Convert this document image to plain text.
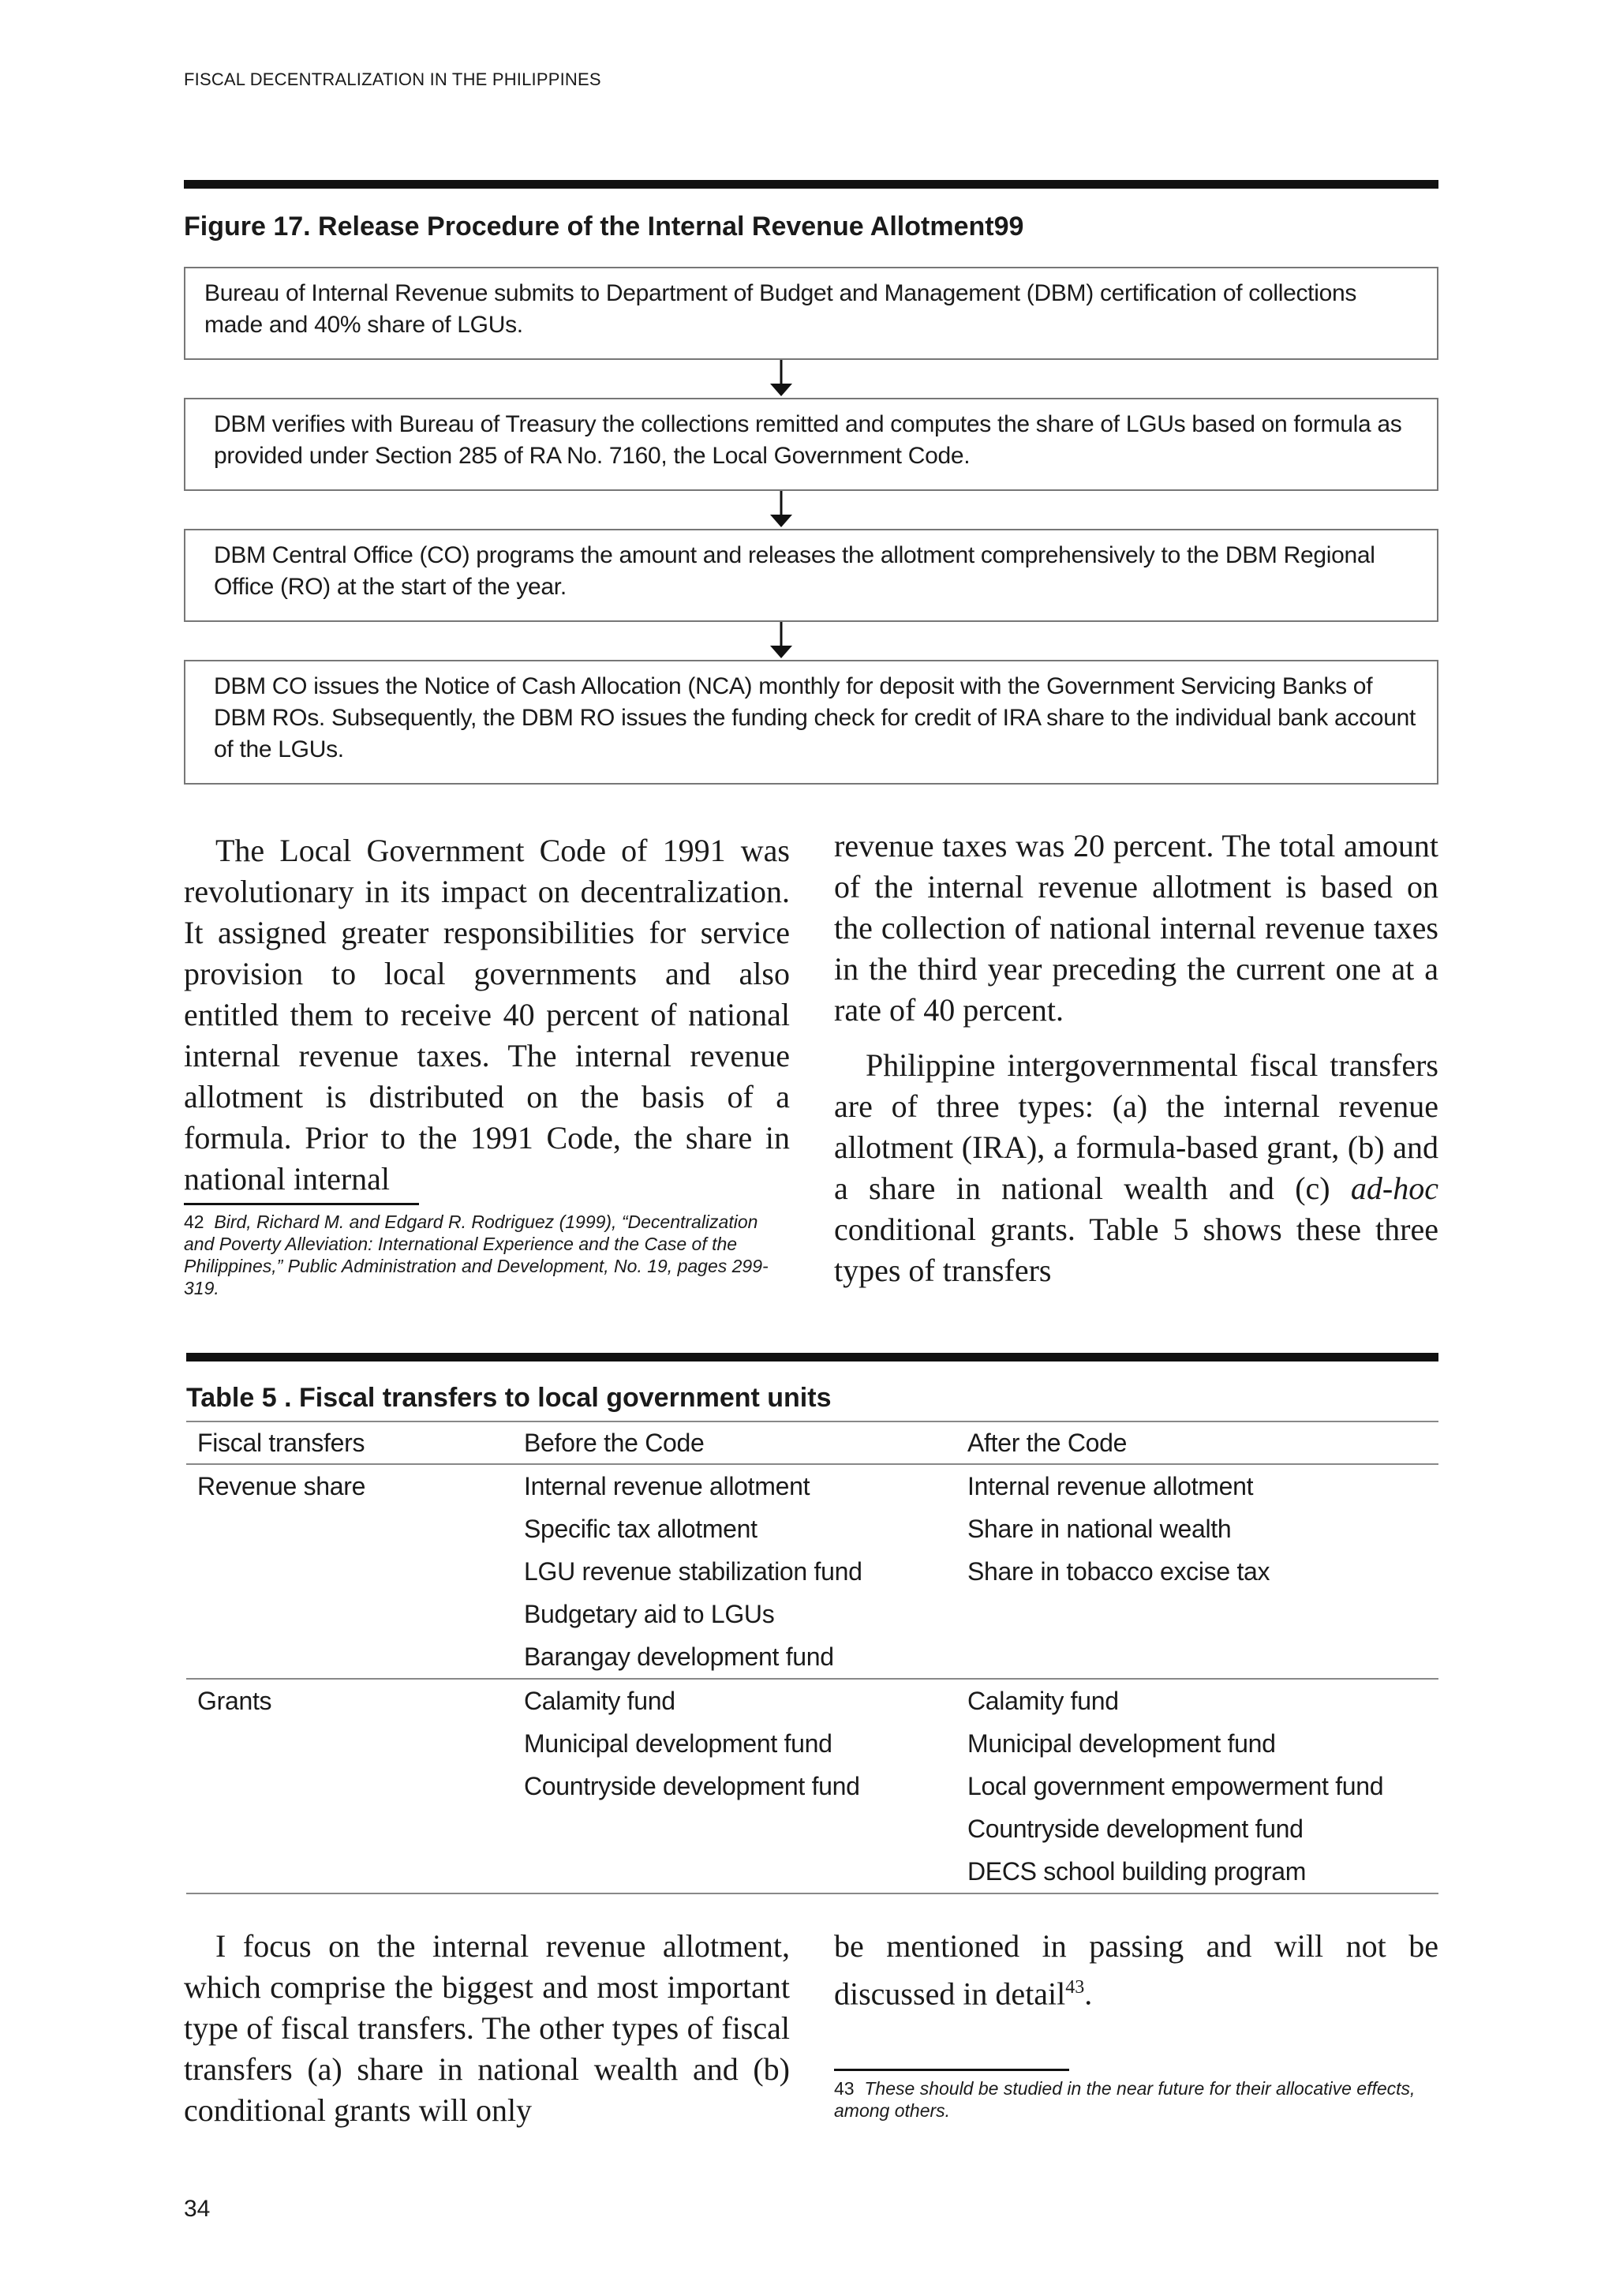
FISCAL DECENTRALIZATION IN THE PHILIPPINES
Figure 17. Release Procedure of the Internal Revenue Allotment99
Bureau of Internal Revenue submits to Department of Budget and Management (DBM) certification of collections made and 40% share of LGUs.
DBM verifies with Bureau of Treasury the collections remitted and computes the share of LGUs based on formula as provided under Section 285 of RA No. 7160, the Local Government Code.
DBM Central Office (CO) programs the amount and releases the allotment comprehensively to the DBM Regional Office (RO) at the start of the year.
DBM CO issues the Notice of Cash Allocation (NCA) monthly for deposit with the Government Servicing Banks of DBM ROs. Subsequently, the DBM RO issues the funding check for credit of IRA share to the individual bank account of the LGUs.

The Local Government Code of 1991 was revolutionary in its impact on decentralization. It assigned greater responsibilities for service provision to local governments and also entitled them to receive 40 percent of national internal revenue taxes. The internal revenue allotment is distributed on the basis of a formula. Prior to the 1991 Code, the share in national internal

42 Bird, Richard M. and Edgard R. Rodriguez (1999), “Decentralization and Poverty Alleviation: International Experience and the Case of the Philippines,” Public Administration and Development, No. 19, pages 299-319.

revenue taxes was 20 percent. The total amount of the internal revenue allotment is based on the collection of national internal revenue taxes in the third year preceding the current one at a rate of 40 percent.

Philippine intergovernmental fiscal transfers are of three types: (a) the internal revenue allotment (IRA), a formula-based grant, (b) and a share in national wealth and (c) ad-hoc conditional grants. Table 5 shows these three types of transfers

Table 5 . Fiscal transfers to local government units
Fiscal transfers	Before the Code	After the Code
Revenue share	Internal revenue allotment	Internal revenue allotment
	Specific tax allotment	Share in national wealth
	LGU revenue stabilization fund	Share in tobacco excise tax
	Budgetary aid to LGUs	
	Barangay development fund	
Grants	Calamity fund	Calamity fund
	Municipal development fund	Municipal development fund
	Countryside development fund	Local government empowerment fund
		Countryside development fund
		DECS school building program

I focus on the internal revenue allotment, which comprise the biggest and most important type of fiscal transfers. The other types of fiscal transfers (a) share in national wealth and (b) conditional grants will only

be mentioned in passing and will not be discussed in detail$^{43}$.

43 These should be studied in the near future for their allocative effects, among others.
34
